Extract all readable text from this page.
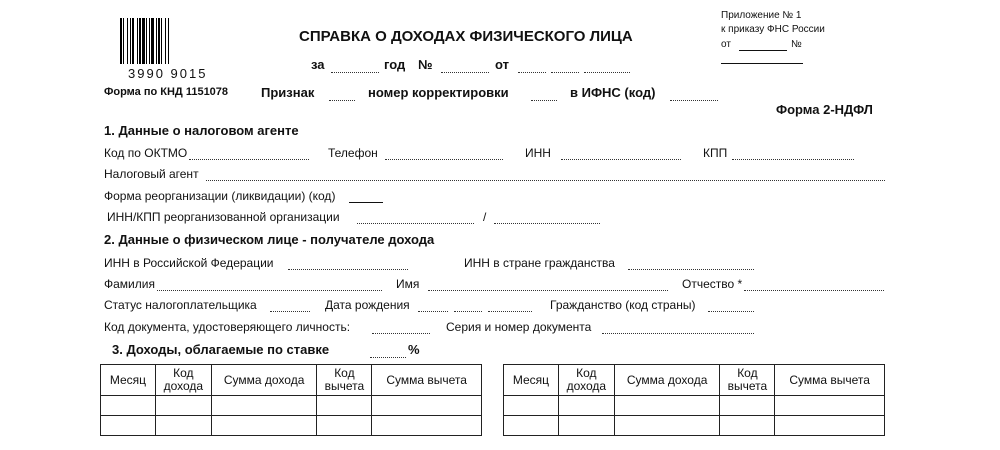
3990 9015
Форма по КНД 1151078
СПРАВКА О ДОХОДАХ ФИЗИЧЕСКОГО ЛИЦА
за	год №	от
Приложение № 1
к приказу ФНС России
от	№
Признак	номер корректировки	в ИФНС (код)
Форма 2-НДФЛ
1. Данные о налоговом агенте
Код по ОКТМО	Телефон	ИНН	КПП
Налоговый агент
Форма реорганизации (ликвидации) (код)
ИНН/КПП реорганизованной организации	/
2. Данные о физическом лице - получателе дохода
ИНН в Российской Федерации	ИНН в стране гражданства
Фамилия	Имя	Отчество *
Статус налогоплательщика	Дата рождения	Гражданство (код страны)
Код документа, удостоверяющего личность:	Серия и номер документа
3. Доходы, облагаемые по ставке	%
Месяц	Код дохода	Сумма дохода	Код вычета	Сумма вычета

					Месяц	Код дохода	Сумма дохода	Код вычета	Сумма вычета
